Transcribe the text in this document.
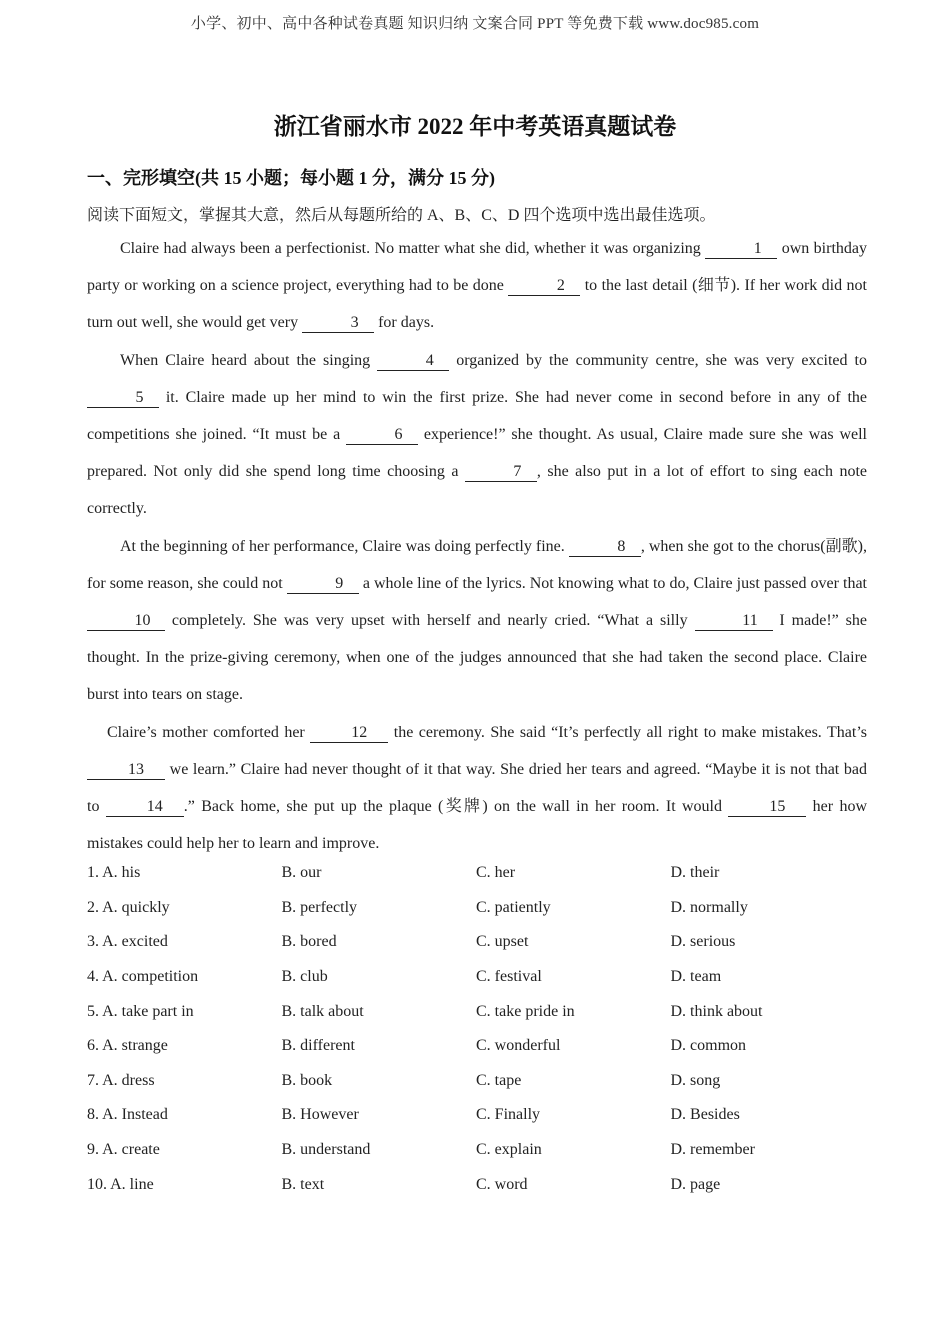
小学、初中、高中各种试卷真题 知识归纳 文案合同 PPT 等免费下载 www.doc985.com
浙江省丽水市 2022 年中考英语真题试卷
一、完形填空(共 15 小题；每小题 1 分，满分 15 分)
阅读下面短文，掌握其大意，然后从每题所给的 A、B、C、D 四个选项中选出最佳选项。

Claire had always been a perfectionist. No matter what she did, whether it was organizing	1 own birthday party or working on a science project, everything had to be done	2 to the last detail (细节). If her work did not turn out well, she would get very	3 for days.

When Claire heard about the singing	4 organized by the community centre, she was very excited to 5 it. Claire made up her mind to win the first prize. She had never come in second before in any of the competitions she joined. “It must be a	6 experience!” she thought. As usual, Claire made sure she was well prepared. Not only did she spend long time choosing a	7 , she also put in a lot of effort to sing each note correctly.

At the beginning of her performance, Claire was doing perfectly fine.	8 , when she got to the chorus(副歌), for some reason, she could not	9 a whole line of the lyrics. Not knowing what to do, Claire just passed over that 10 completely. She was very upset with herself and nearly cried. “What a silly	11 I made!” she thought. In the prize-giving ceremony, when one of the judges announced that she had taken the second place. Claire burst into tears on stage.

Claire’s mother comforted her	12 the ceremony. She said “It’s perfectly all right to make mistakes. That’s 13 we learn.” Claire had never thought of it that way. She dried her tears and agreed. “Maybe it is not that bad to	14 .” Back home, she put up the plaque (奖牌) on the wall in her room. It would	15 her how mistakes could help her to learn and improve.

1. A. his	B. our	C. her	D. their
2. A. quickly	B. perfectly	C. patiently	D. normally
3. A. excited	B. bored	C. upset	D. serious
4. A. competition	B. club	C. festival	D. team
5. A. take part in	B. talk about	C. take pride in	D. think about
6. A. strange	B. different	C. wonderful	D. common
7. A. dress	B. book	C. tape	D. song
8. A. Instead	B. However	C. Finally	D. Besides
9. A. create	B. understand	C. explain	D. remember
10. A. line	B. text	C. word	D. page
